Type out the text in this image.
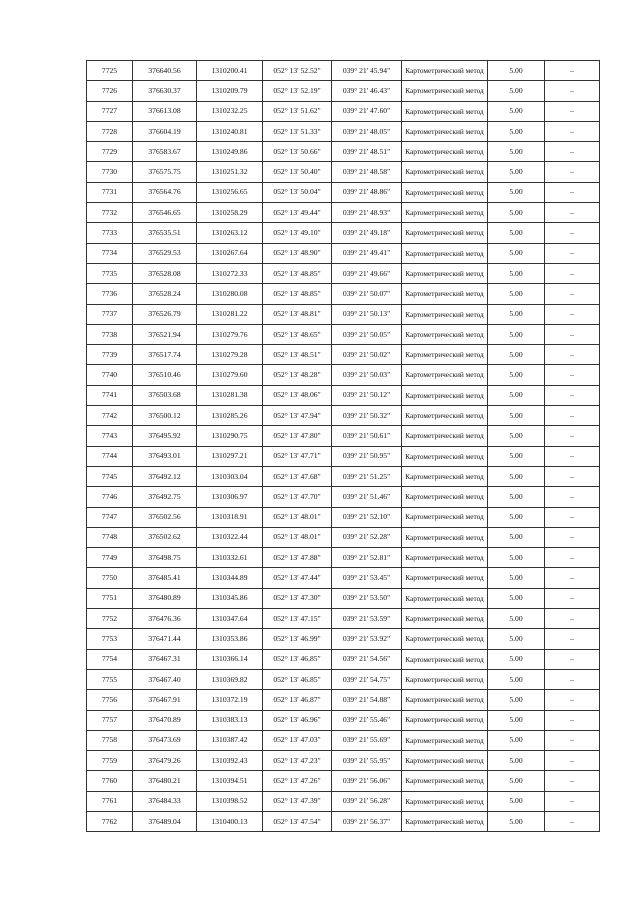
7725	376640.56	1310200.41	052° 13' 52.52"	039° 21' 45.94"	Картометрический метод	5.00	–
7726	376630.37	1310209.79	052° 13' 52.19"	039° 21' 46.43"	Картометрический метод	5.00	–
7727	376613.08	1310232.25	052° 13' 51.62"	039° 21' 47.60"	Картометрический метод	5.00	–
7728	376604.19	1310240.81	052° 13' 51.33"	039° 21' 48.05"	Картометрический метод	5.00	–
7729	376583.67	1310249.86	052° 13' 50.66"	039° 21' 48.51"	Картометрический метод	5.00	–
7730	376575.75	1310251.32	052° 13' 50.40"	039° 21' 48.58"	Картометрический метод	5.00	–
7731	376564.76	1310256.65	052° 13' 50.04"	039° 21' 48.86"	Картометрический метод	5.00	–
7732	376546.65	1310258.29	052° 13' 49.44"	039° 21' 48.93"	Картометрический метод	5.00	–
7733	376535.51	1310263.12	052° 13' 49.10"	039° 21' 49.18"	Картометрический метод	5.00	–
7734	376529.53	1310267.64	052° 13' 48.90"	039° 21' 49.41"	Картометрический метод	5.00	–
7735	376528.08	1310272.33	052° 13' 48.85"	039° 21' 49.66"	Картометрический метод	5.00	–
7736	376528.24	1310280.08	052° 13' 48.85"	039° 21' 50.07"	Картометрический метод	5.00	–
7737	376526.79	1310281.22	052° 13' 48.81"	039° 21' 50.13"	Картометрический метод	5.00	–
7738	376521.94	1310279.76	052° 13' 48.65"	039° 21' 50.05"	Картометрический метод	5.00	–
7739	376517.74	1310279.28	052° 13' 48.51"	039° 21' 50.02"	Картометрический метод	5.00	–
7740	376510.46	1310279.60	052° 13' 48.28"	039° 21' 50.03"	Картометрический метод	5.00	–
7741	376503.68	1310281.38	052° 13' 48.06"	039° 21' 50.12"	Картометрический метод	5.00	–
7742	376500.12	1310285.26	052° 13' 47.94"	039° 21' 50.32"	Картометрический метод	5.00	–
7743	376495.92	1310290.75	052° 13' 47.80"	039° 21' 50.61"	Картометрический метод	5.00	–
7744	376493.01	1310297.21	052° 13' 47.71"	039° 21' 50.95"	Картометрический метод	5.00	–
7745	376492.12	1310303.04	052° 13' 47.68"	039° 21' 51.25"	Картометрический метод	5.00	–
7746	376492.75	1310306.97	052° 13' 47.70"	039° 21' 51.46"	Картометрический метод	5.00	–
7747	376502.56	1310318.91	052° 13' 48.01"	039° 21' 52.10"	Картометрический метод	5.00	–
7748	376502.62	1310322.44	052° 13' 48.01"	039° 21' 52.28"	Картометрический метод	5.00	–
7749	376498.75	1310332.61	052° 13' 47.88"	039° 21' 52.81"	Картометрический метод	5.00	–
7750	376485.41	1310344.89	052° 13' 47.44"	039° 21' 53.45"	Картометрический метод	5.00	–
7751	376480.89	1310345.86	052° 13' 47.30"	039° 21' 53.50"	Картометрический метод	5.00	–
7752	376476.36	1310347.64	052° 13' 47.15"	039° 21' 53.59"	Картометрический метод	5.00	–
7753	376471.44	1310353.86	052° 13' 46.99"	039° 21' 53.92"	Картометрический метод	5.00	–
7754	376467.31	1310366.14	052° 13' 46.85"	039° 21' 54.56"	Картометрический метод	5.00	–
7755	376467.40	1310369.82	052° 13' 46.85"	039° 21' 54.75"	Картометрический метод	5.00	–
7756	376467.91	1310372.19	052° 13' 46.87"	039° 21' 54.88"	Картометрический метод	5.00	–
7757	376470.89	1310383.13	052° 13' 46.96"	039° 21' 55.46"	Картометрический метод	5.00	–
7758	376473.69	1310387.42	052° 13' 47.03"	039° 21' 55.69"	Картометрический метод	5.00	–
7759	376479.26	1310392.43	052° 13' 47.23"	039° 21' 55.95"	Картометрический метод	5.00	–
7760	376480.21	1310394.51	052° 13' 47.26"	039° 21' 56.06"	Картометрический метод	5.00	–
7761	376484.33	1310398.52	052° 13' 47.39"	039° 21' 56.28"	Картометрический метод	5.00	–
7762	376489.04	1310400.13	052° 13' 47.54"	039° 21' 56.37"	Картометрический метод	5.00	–
